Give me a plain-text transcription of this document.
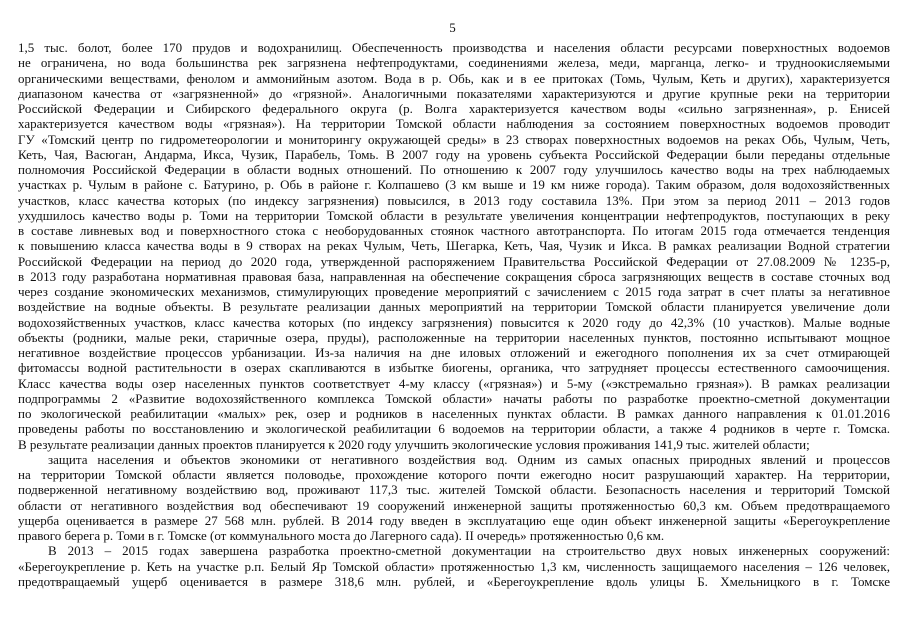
5
1,5 тыс. болот, более 170 прудов и водохранилищ. Обеспеченность производства и населения области ресурсами поверхностных водоемов
не ограничена, но вода большинства рек загрязнена нефтепродуктами, соединениями железа, меди, марганца, легко- и трудноокисляемыми
органическими веществами, фенолом и аммонийным азотом. Вода в р. Обь, как и в ее притоках (Томь, Чулым, Кеть и других), характеризуется
диапазоном качества от «загрязненной» до «грязной». Аналогичными показателями характеризуются и другие крупные реки на территории
Российской Федерации и Сибирского федерального округа (р. Волга характеризуется качеством воды «сильно загрязненная», р. Енисей
характеризуется качеством воды «грязная»). На территории Томской области наблюдения за состоянием поверхностных водоемов проводит
ГУ «Томский центр по гидрометеорологии и мониторингу окружающей среды» в 23 створах поверхностных водоемов на реках Обь, Чулым, Четь,
Кеть, Чая, Васюган, Андарма, Икса, Чузик, Парабель, Томь. В 2007 году на уровень субъекта Российской Федерации были переданы отдельные
полномочия Российской Федерации в области водных отношений. По отношению к 2007 году улучшилось качество воды на трех наблюдаемых
участках р. Чулым в районе с. Батурино, р. Обь в районе г. Колпашево (3 км выше и 19 км ниже города). Таким образом, доля водохозяйственных
участков, класс качества которых (по индексу загрязнения) повысился, в 2013 году составила 13%. При этом за период 2011 – 2013 годов
ухудшилось качество воды р. Томи на территории Томской области в результате увеличения концентрации нефтепродуктов, поступающих в реку
в составе ливневых вод и поверхностного стока с необорудованных стоянок частного автотранспорта. По итогам 2015 года отмечается тенденция
к повышению класса качества воды в 9 створах на реках Чулым, Четь, Шегарка, Кеть, Чая, Чузик и Икса. В рамках реализации Водной стратегии
Российской Федерации на период до 2020 года, утвержденной распоряжением Правительства Российской Федерации от 27.08.2009 № 1235-р,
в 2013 году разработана нормативная правовая база, направленная на обеспечение сокращения сброса загрязняющих веществ в составе сточных вод
через создание экономических механизмов, стимулирующих проведение мероприятий с зачислением с 2015 года затрат в счет платы за негативное
воздействие на водные объекты. В результате реализации данных мероприятий на территории Томской области планируется увеличение доли
водохозяйственных участков, класс качества которых (по индексу загрязнения) повысится к 2020 году до 42,3% (10 участков). Малые водные
объекты (родники, малые реки, старичные озера, пруды), расположенные на территории населенных пунктов, постоянно испытывают мощное
негативное воздействие процессов урбанизации. Из-за наличия на дне иловых отложений и ежегодного пополнения их за счет отмирающей
фитомассы водной растительности в озерах скапливаются в избытке биогены, органика, что затрудняет процессы естественного самоочищения.
Класс качества воды озер населенных пунктов соответствует 4-му классу («грязная») и 5-му («экстремально грязная»). В рамках реализации
подпрограммы 2 «Развитие водохозяйственного комплекса Томской области» начаты работы по разработке проектно-сметной документации
по экологической реабилитации «малых» рек, озер и родников в населенных пунктах области. В рамках данного направления к 01.01.2016
проведены работы по восстановлению и экологической реабилитации 6 водоемов на территории области, а также 4 родников в черте г. Томска.
В результате реализации данных проектов планируется к 2020 году улучшить экологические условия проживания 141,9 тыс. жителей области;
защита населения и объектов экономики от негативного воздействия вод. Одним из самых опасных природных явлений и процессов
на территории Томской области является половодье, прохождение которого почти ежегодно носит разрушающий характер. На территории,
подверженной негативному воздействию вод, проживают 117,3 тыс. жителей Томской области. Безопасность населения и территорий Томской
области от негативного воздействия вод обеспечивают 19 сооружений инженерной защиты протяженностью 60,3 км. Объем предотвращаемого
ущерба оценивается в размере 27 568 млн. рублей. В 2014 году введен в эксплуатацию еще один объект инженерной защиты «Берегоукрепление
правого берега р. Томи в г. Томске (от коммунального моста до Лагерного сада). II очередь» протяженностью 0,6 км.
В 2013 – 2015 годах завершена разработка проектно-сметной документации на строительство двух новых инженерных сооружений:
«Берегоукрепление р. Кеть на участке р.п. Белый Яр Томской области» протяженностью 1,3 км, численность защищаемого населения – 126 человек,
предотвращаемый ущерб оценивается в размере 318,6 млн. рублей, и «Берегоукрепление вдоль улицы Б. Хмельницкого в г. Томске
